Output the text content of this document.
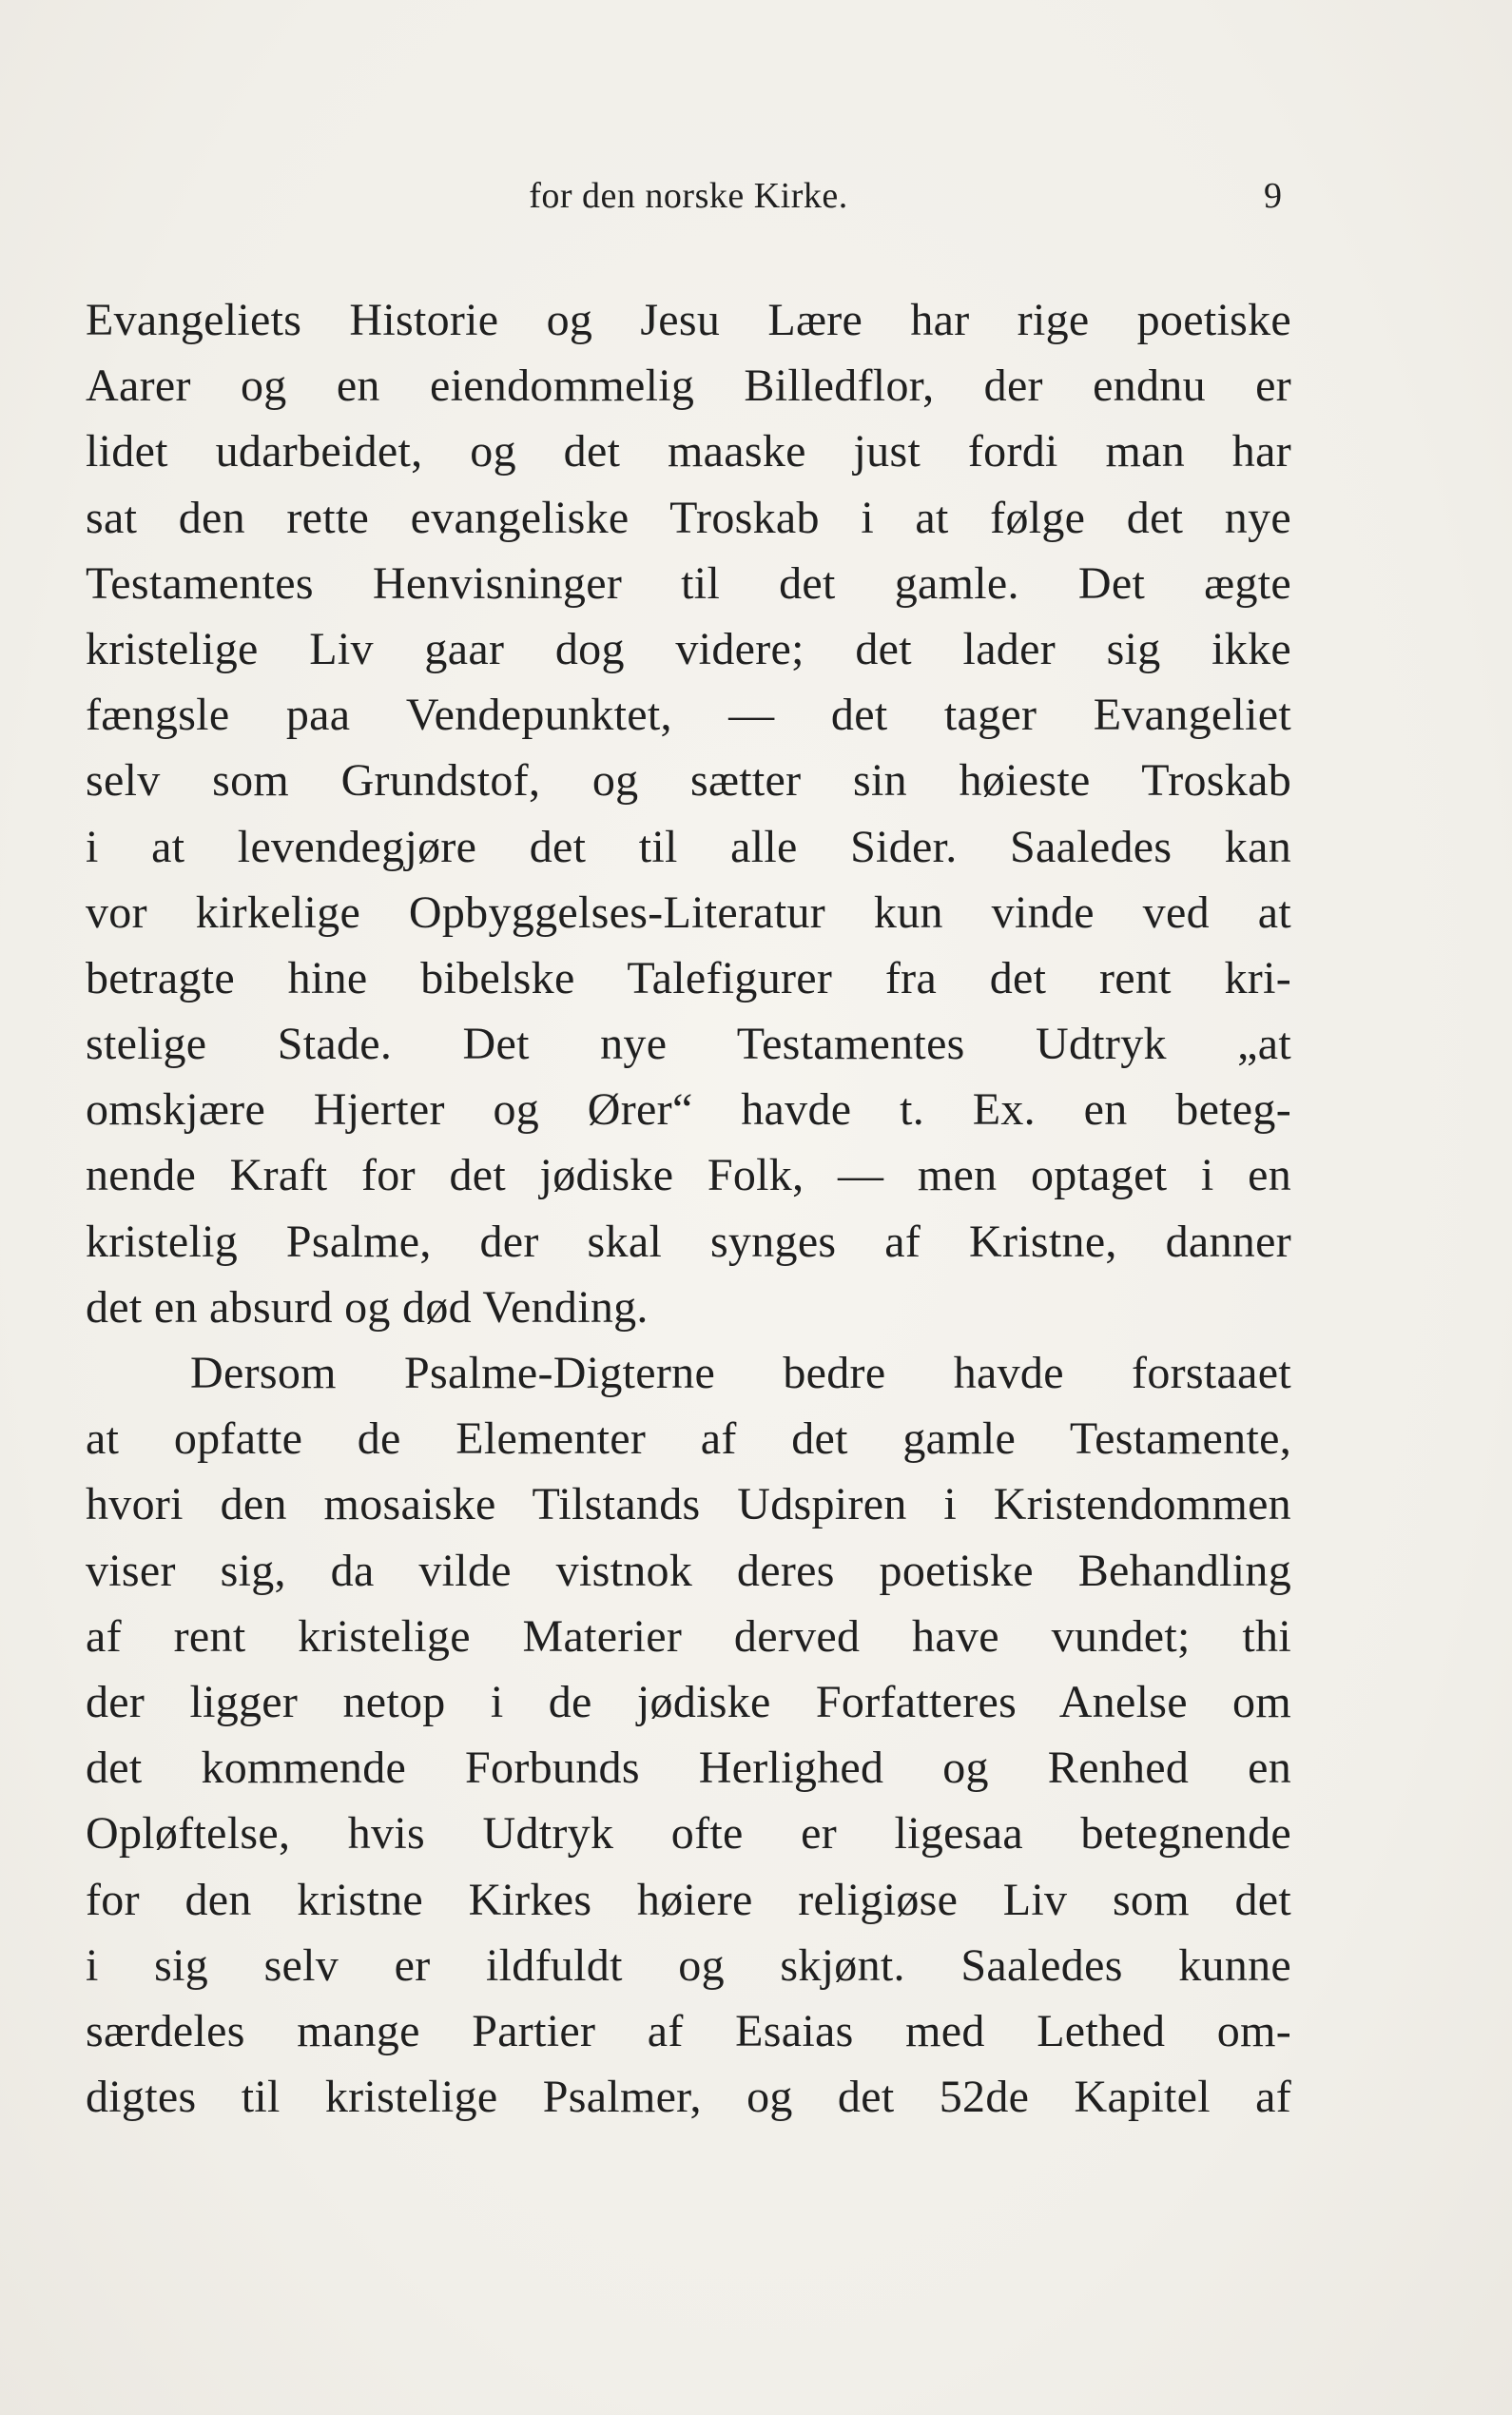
for den norske Kirke.	9
Evangeliets Historie og Jesu Lære har rige poetiske
Aarer og en eiendommelig Billedflor, der endnu er
lidet udarbeidet, og det maaske just fordi man har
sat den rette evangeliske Troskab i at følge det nye
Testamentes Henvisninger til det gamle. Det ægte
kristelige Liv gaar dog videre; det lader sig ikke
fængsle paa Vendepunktet, — det tager Evangeliet
selv som Grundstof, og sætter sin høieste Troskab
i at levendegjøre det til alle Sider. Saaledes kan
vor kirkelige Opbyggelses-Literatur kun vinde ved at
betragte hine bibelske Talefigurer fra det rent kri-
stelige Stade. Det nye Testamentes Udtryk „at
omskjære Hjerter og Ører“ havde t. Ex. en beteg-
nende Kraft for det jødiske Folk, — men optaget i en
kristelig Psalme, der skal synges af Kristne, danner
det en absurd og død Vending.
Dersom Psalme-Digterne bedre havde forstaaet
at opfatte de Elementer af det gamle Testamente,
hvori den mosaiske Tilstands Udspiren i Kristendommen
viser sig, da vilde vistnok deres poetiske Behandling
af rent kristelige Materier derved have vundet; thi
der ligger netop i de jødiske Forfatteres Anelse om
det kommende Forbunds Herlighed og Renhed en
Opløftelse, hvis Udtryk ofte er ligesaa betegnende
for den kristne Kirkes høiere religiøse Liv som det
i sig selv er ildfuldt og skjønt. Saaledes kunne
særdeles mange Partier af Esaias med Lethed om-
digtes til kristelige Psalmer, og det 52de Kapitel af
